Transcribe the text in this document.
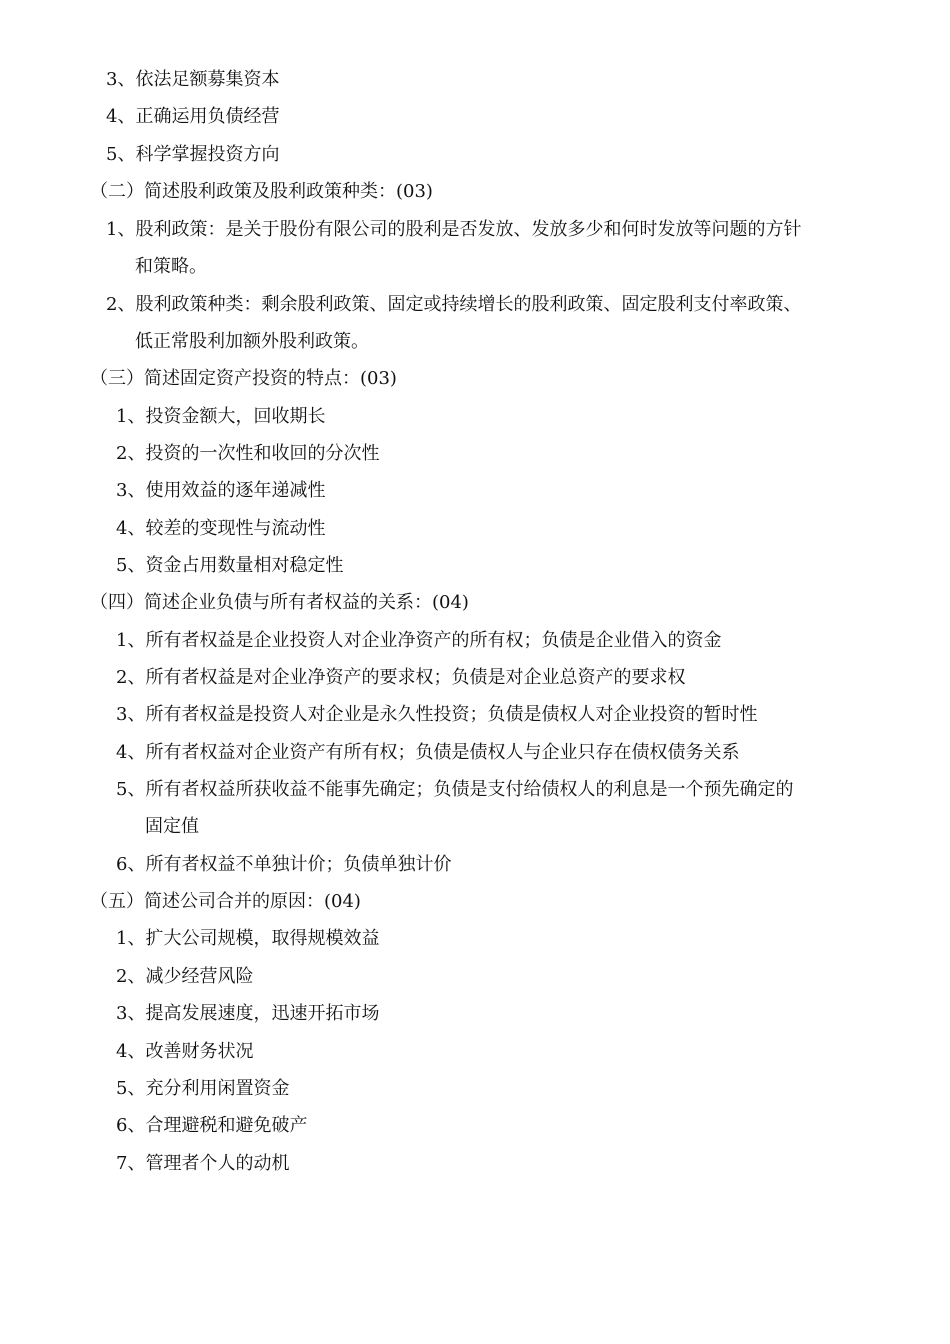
3、依法足额募集资本
4、正确运用负债经营
5、科学掌握投资方向
（二）简述股利政策及股利政策种类：(03)
1、股利政策：是关于股份有限公司的股利是否发放、发放多少和何时发放等问题的方针
和策略。
2、股利政策种类：剩余股利政策、固定或持续增长的股利政策、固定股利支付率政策、
低正常股利加额外股利政策。
（三）简述固定资产投资的特点：(03)
1、投资金额大，回收期长
2、投资的一次性和收回的分次性
3、使用效益的逐年递减性
4、较差的变现性与流动性
5、资金占用数量相对稳定性
（四）简述企业负债与所有者权益的关系：(04)
1、所有者权益是企业投资人对企业净资产的所有权；负债是企业借入的资金
2、所有者权益是对企业净资产的要求权；负债是对企业总资产的要求权
3、所有者权益是投资人对企业是永久性投资；负债是债权人对企业投资的暂时性
4、所有者权益对企业资产有所有权；负债是债权人与企业只存在债权债务关系
5、所有者权益所获收益不能事先确定；负债是支付给债权人的利息是一个预先确定的
固定值
6、所有者权益不单独计价；负债单独计价
（五）简述公司合并的原因：(04)
1、扩大公司规模，取得规模效益
2、减少经营风险
3、提高发展速度，迅速开拓市场
4、改善财务状况
5、充分利用闲置资金
6、合理避税和避免破产
7、管理者个人的动机
